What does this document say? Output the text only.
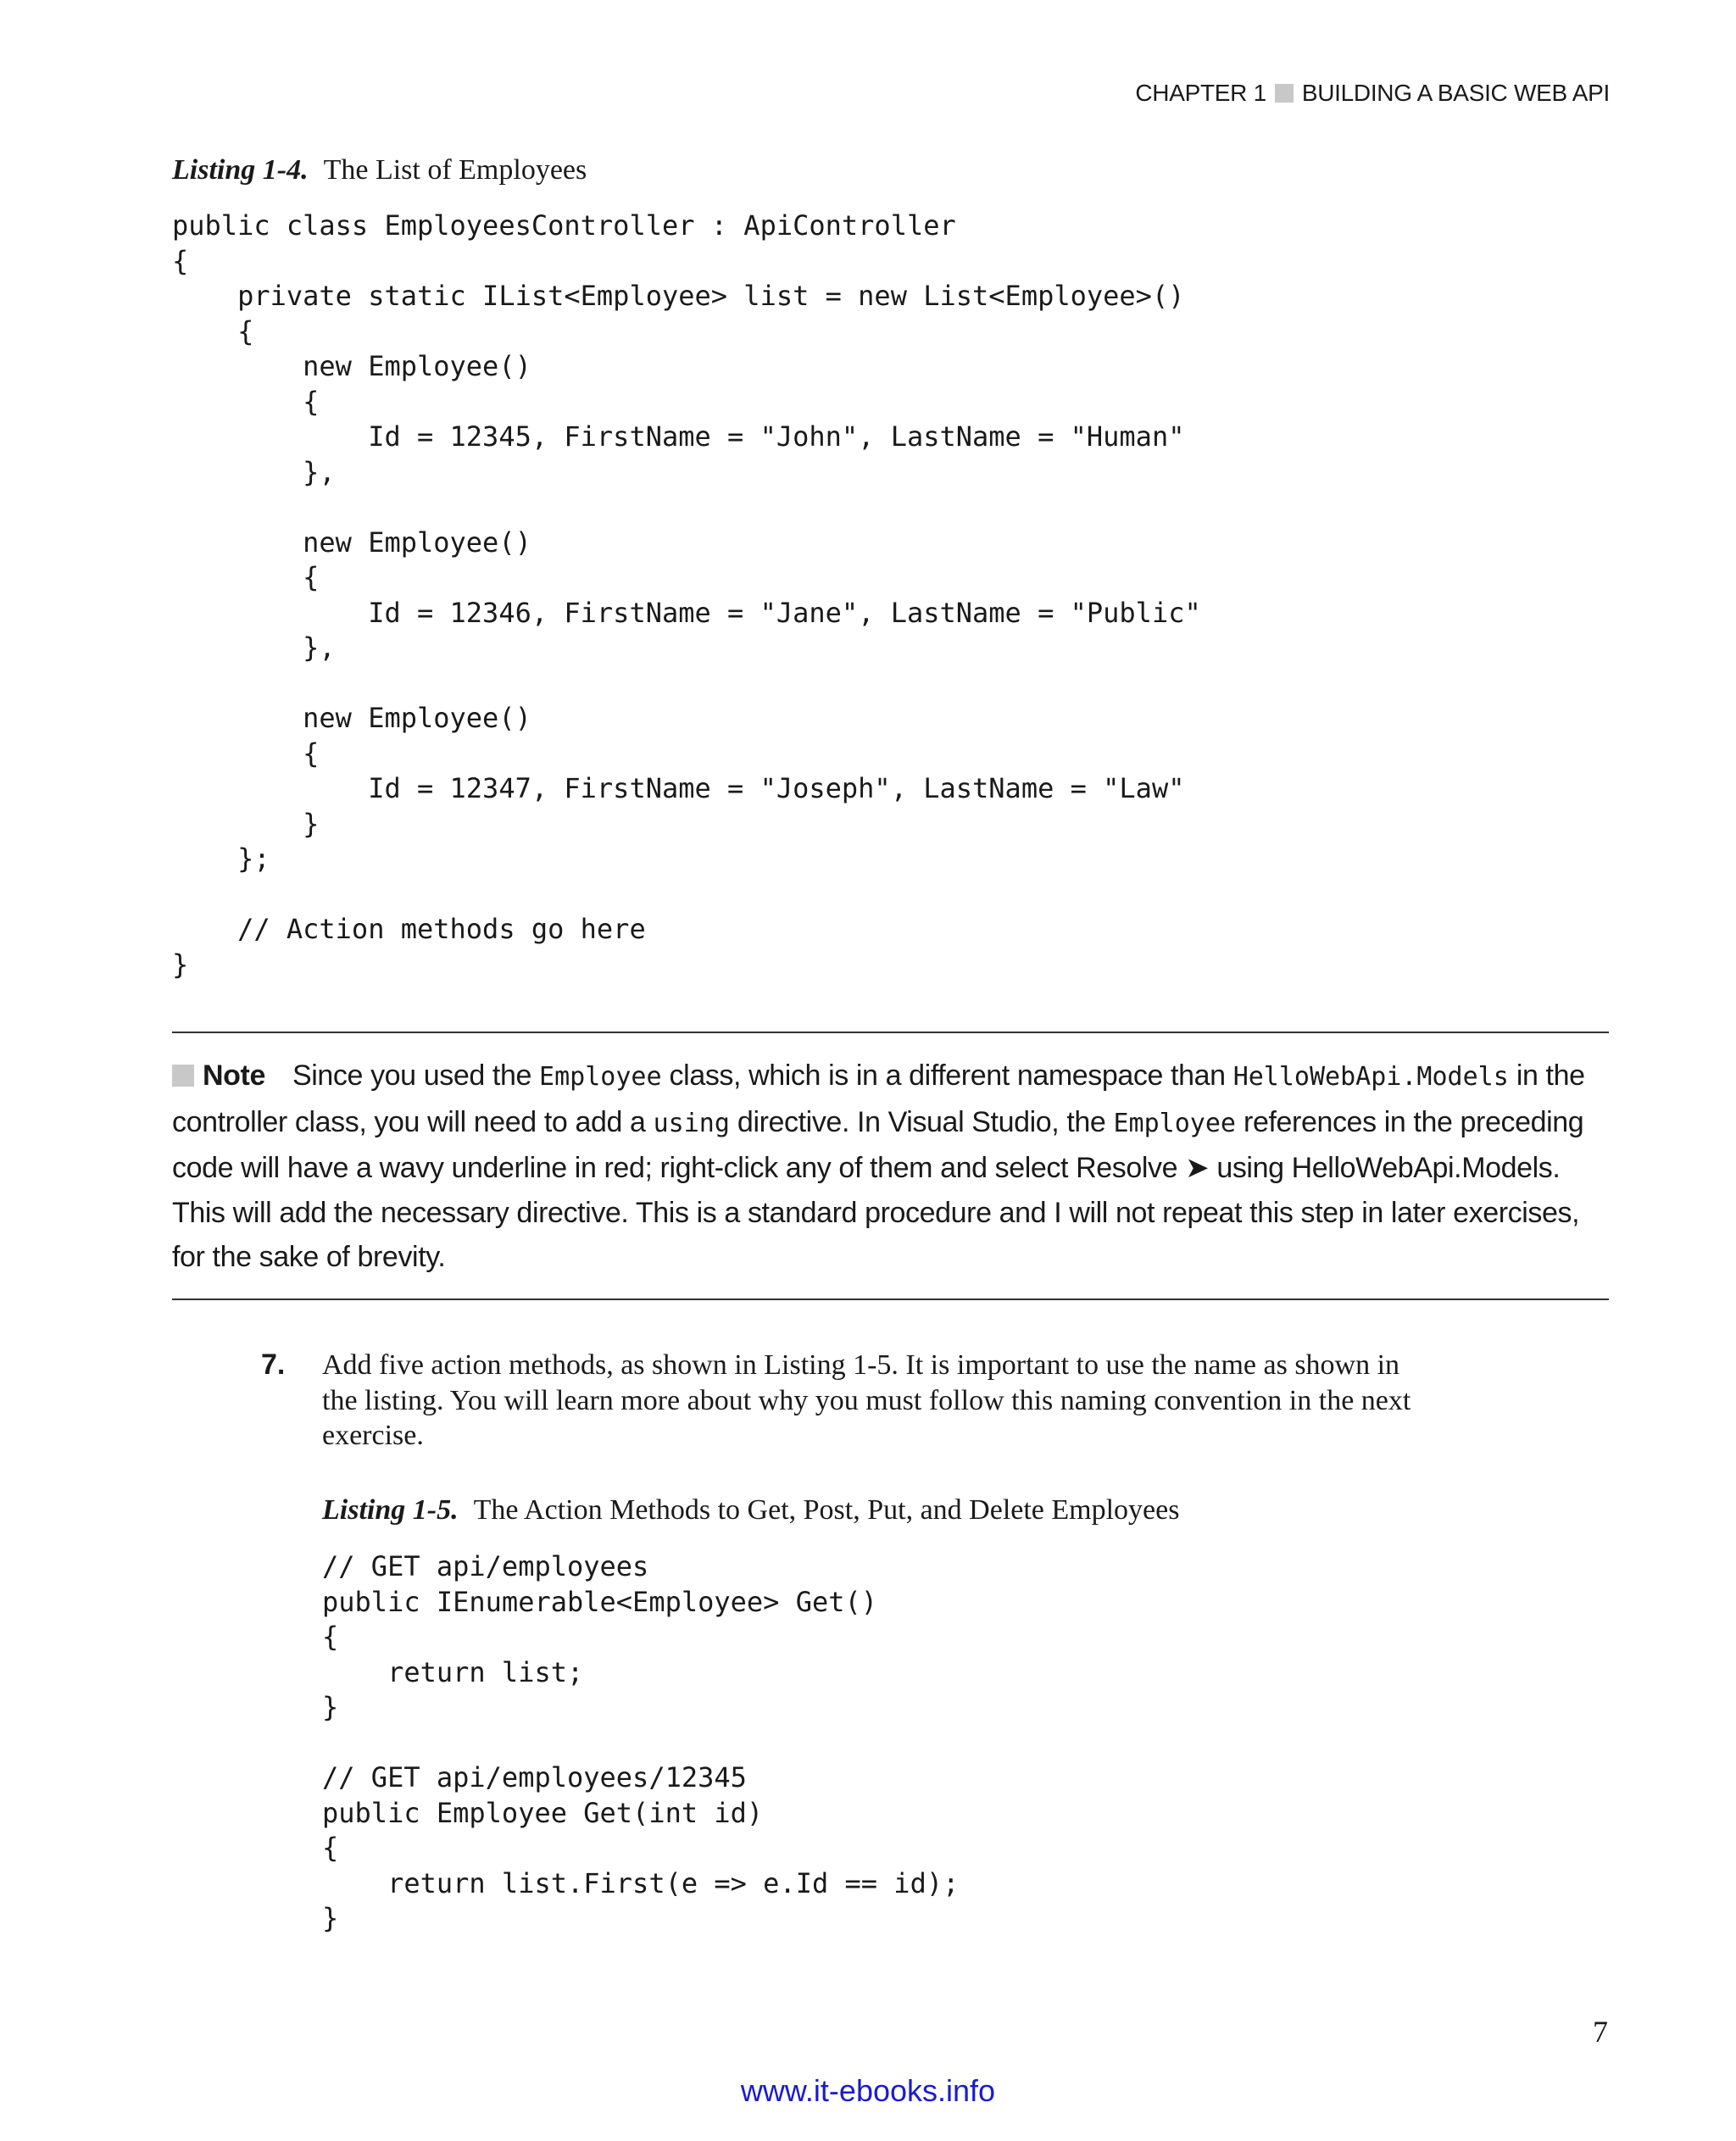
CHAPTER 1 BUILDING A BASIC WEB API
Listing 1-4. The List of Employees
public class EmployeesController : ApiController
{
private static IList<Employee> list = new List<Employee>()
{
new Employee()
{
Id = 12345, FirstName = "John", LastName = "Human"
},

new Employee()
{
Id = 12346, FirstName = "Jane", LastName = "Public"
},

new Employee()
{
Id = 12347, FirstName = "Joseph", LastName = "Law"
}
};

// Action methods go here
}
Note Since you used the Employee class, which is in a different namespace than HelloWebApi.Models in the controller class, you will need to add a using directive. In Visual Studio, the Employee references in the preceding code will have a wavy underline in red; right-click any of them and select Resolve ➤ using HelloWebApi.Models. This will add the necessary directive. This is a standard procedure and I will not repeat this step in later exercises, for the sake of brevity.
7. Add five action methods, as shown in Listing 1-5. It is important to use the name as shown in the listing. You will learn more about why you must follow this naming convention in the next exercise.
Listing 1-5. The Action Methods to Get, Post, Put, and Delete Employees
// GET api/employees
public IEnumerable<Employee> Get()
{
return list;
}

// GET api/employees/12345
public Employee Get(int id)
{
return list.First(e => e.Id == id);
}
7
www.it-ebooks.info
